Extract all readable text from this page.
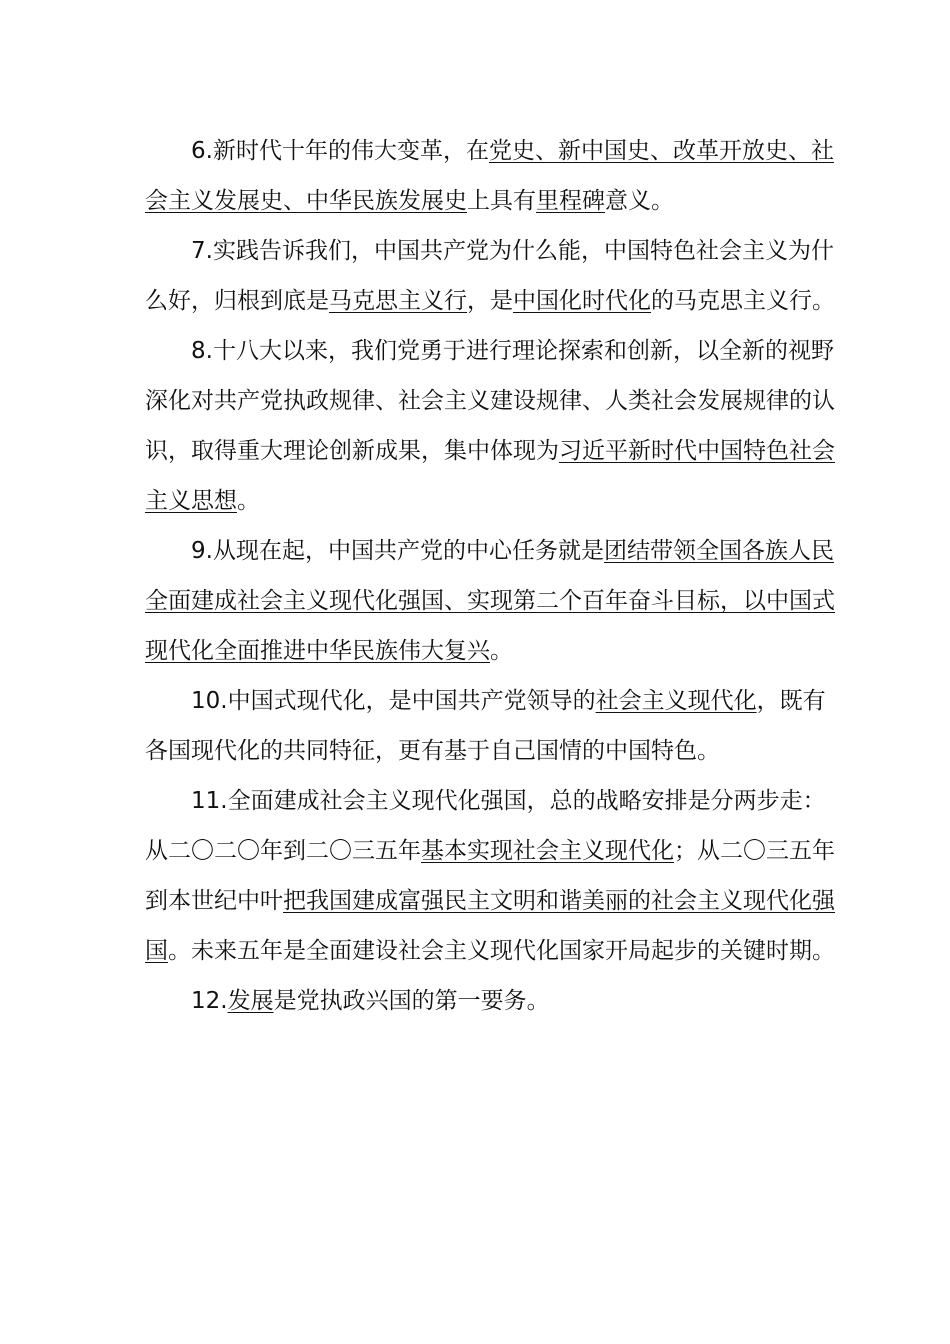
6.新时代十年的伟大变革，在党史、新中国史、改革开放史、社会主义发展史、中华民族发展史上具有里程碑意义。

7.实践告诉我们，中国共产党为什么能，中国特色社会主义为什么好，归根到底是马克思主义行，是中国化时代化的马克思主义行。

8.十八大以来，我们党勇于进行理论探索和创新，以全新的视野深化对共产党执政规律、社会主义建设规律、人类社会发展规律的认识，取得重大理论创新成果，集中体现为习近平新时代中国特色社会主义思想。

9.从现在起，中国共产党的中心任务就是团结带领全国各族人民全面建成社会主义现代化强国、实现第二个百年奋斗目标，以中国式现代化全面推进中华民族伟大复兴。

10.中国式现代化，是中国共产党领导的社会主义现代化，既有各国现代化的共同特征，更有基于自己国情的中国特色。

11.全面建成社会主义现代化强国，总的战略安排是分两步走：从二〇二〇年到二〇三五年基本实现社会主义现代化；从二〇三五年到本世纪中叶把我国建成富强民主文明和谐美丽的社会主义现代化强国。未来五年是全面建设社会主义现代化国家开局起步的关键时期。

12.发展是党执政兴国的第一要务。
